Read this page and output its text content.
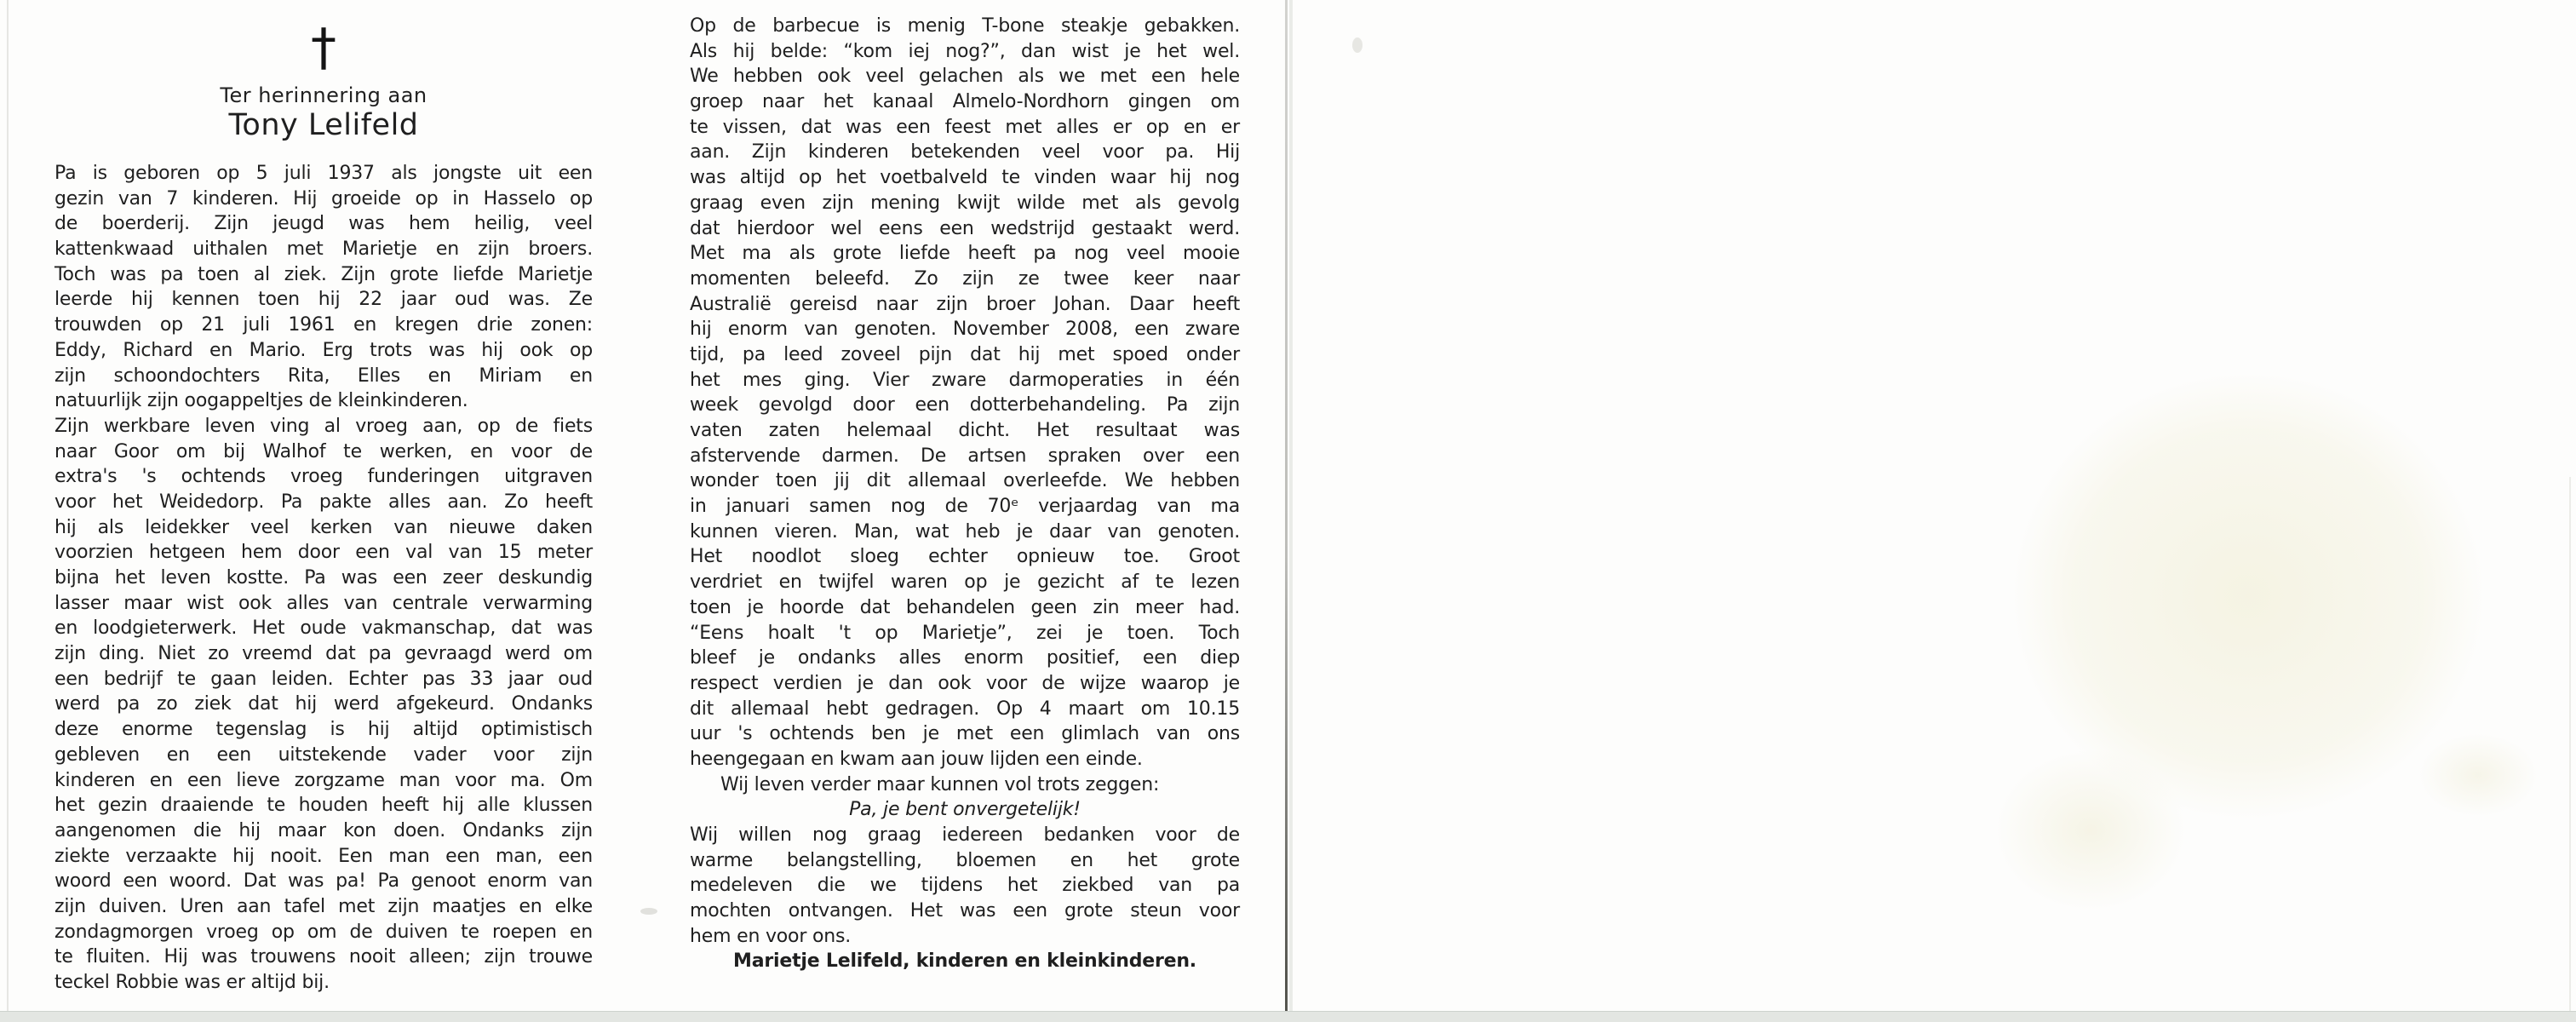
†
Ter herinnering aan
Tony Lelifeld
Pa is geboren op 5 juli 1937 als jongste uit een
gezin van 7 kinderen. Hij groeide op in Hasselo op
de boerderij. Zijn jeugd was hem heilig, veel
kattenkwaad uithalen met Marietje en zijn broers.
Toch was pa toen al ziek. Zijn grote liefde Marietje
leerde hij kennen toen hij 22 jaar oud was. Ze
trouwden op 21 juli 1961 en kregen drie zonen:
Eddy, Richard en Mario. Erg trots was hij ook op
zijn schoondochters Rita, Elles en Miriam en
natuurlijk zijn oogappeltjes de kleinkinderen.
Zijn werkbare leven ving al vroeg aan, op de fiets
naar Goor om bij Walhof te werken, en voor de
extra's 's ochtends vroeg funderingen uitgraven
voor het Weidedorp. Pa pakte alles aan. Zo heeft
hij als leidekker veel kerken van nieuwe daken
voorzien hetgeen hem door een val van 15 meter
bijna het leven kostte. Pa was een zeer deskundig
lasser maar wist ook alles van centrale verwarming
en loodgieterwerk. Het oude vakmanschap, dat was
zijn ding. Niet zo vreemd dat pa gevraagd werd om
een bedrijf te gaan leiden. Echter pas 33 jaar oud
werd pa zo ziek dat hij werd afgekeurd. Ondanks
deze enorme tegenslag is hij altijd optimistisch
gebleven en een uitstekende vader voor zijn
kinderen en een lieve zorgzame man voor ma. Om
het gezin draaiende te houden heeft hij alle klussen
aangenomen die hij maar kon doen. Ondanks zijn
ziekte verzaakte hij nooit. Een man een man, een
woord een woord. Dat was pa! Pa genoot enorm van
zijn duiven. Uren aan tafel met zijn maatjes en elke
zondagmorgen vroeg op om de duiven te roepen en
te fluiten. Hij was trouwens nooit alleen; zijn trouwe
teckel Robbie was er altijd bij.
Op de barbecue is menig T-bone steakje gebakken.
Als hij belde: “kom iej nog?”, dan wist je het wel.
We hebben ook veel gelachen als we met een hele
groep naar het kanaal Almelo-Nordhorn gingen om
te vissen, dat was een feest met alles er op en er
aan. Zijn kinderen betekenden veel voor pa. Hij
was altijd op het voetbalveld te vinden waar hij nog
graag even zijn mening kwijt wilde met als gevolg
dat hierdoor wel eens een wedstrijd gestaakt werd.
Met ma als grote liefde heeft pa nog veel mooie
momenten beleefd. Zo zijn ze twee keer naar
Australië gereisd naar zijn broer Johan. Daar heeft
hij enorm van genoten. November 2008, een zware
tijd, pa leed zoveel pijn dat hij met spoed onder
het mes ging. Vier zware darmoperaties in één
week gevolgd door een dotterbehandeling. Pa zijn
vaten zaten helemaal dicht. Het resultaat was
afstervende darmen. De artsen spraken over een
wonder toen jij dit allemaal overleefde. We hebben
in januari samen nog de 70ᵉ verjaardag van ma
kunnen vieren. Man, wat heb je daar van genoten.
Het noodlot sloeg echter opnieuw toe. Groot
verdriet en twijfel waren op je gezicht af te lezen
toen je hoorde dat behandelen geen zin meer had.
“Eens hoalt 't op Marietje”, zei je toen. Toch
bleef je ondanks alles enorm positief, een diep
respect verdien je dan ook voor de wijze waarop je
dit allemaal hebt gedragen. Op 4 maart om 10.15
uur 's ochtends ben je met een glimlach van ons
heengegaan en kwam aan jouw lijden een einde.
Wij leven verder maar kunnen vol trots zeggen:
Pa, je bent onvergetelijk!
Wij willen nog graag iedereen bedanken voor de
warme belangstelling, bloemen en het grote
medeleven die we tijdens het ziekbed van pa
mochten ontvangen. Het was een grote steun voor
hem en voor ons.
Marietje Lelifeld, kinderen en kleinkinderen.
